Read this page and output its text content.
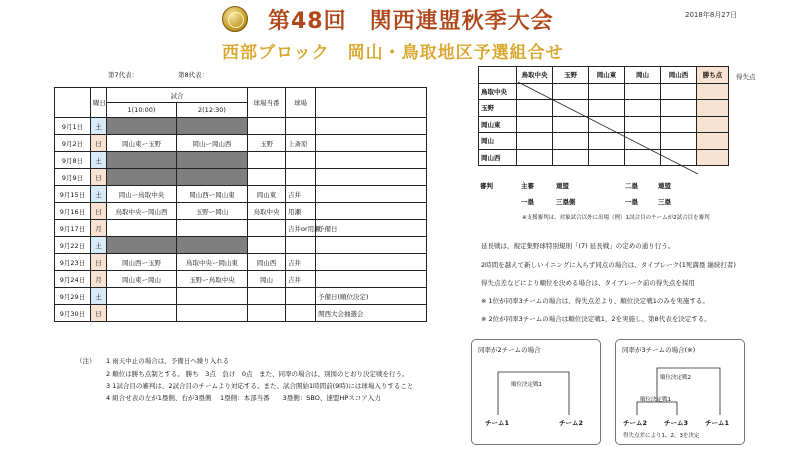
第48回　関西連盟秋季大会
西部ブロック　岡山・鳥取地区予選組合せ
2018年8月27日
第7代表：	第8代表：
	曜日	試合		球場当番	球場	
		1(10:00)	2(12:30)			
9月1日	土					
9月2日	日	岡山東ー玉野	岡山ー岡山西	玉野	上斎原	
9月8日	土					
9月9日	日					
9月15日	土	岡山ー鳥取中央	岡山西ー岡山東	岡山東	吉井	
9月16日	日	鳥取中央ー岡山西	玉野ー岡山	鳥取中央	用瀬	
9月17日	月				吉井or用瀬	予備日
9月22日	土					
9月23日	日	岡山西ー玉野	鳥取中央ー岡山東	岡山西	吉井	
9月24日	月	岡山東ー岡山	玉野ー鳥取中央	岡山	吉井	
9月29日	土					予備日(順位決定)
9月30日	日					関西大会抽選会
（注） 1 雨天中止の場合は、予備日へ繰り入れる
2 順位は勝ち点制とする。 勝ち　3点　負け　0点　また、同率の場合は、別図のとおり決定戦を行う。
3 1試合目の審判は、2試合目のチームより対応する。また、試合開始1時間前(9時)には球場入りすること
4 組合せ表の左が1塁側、右が3塁側　 1塁側：本部当番　　3塁側：SBO、速盟HPスコア入力
	鳥取中央	玉野	岡山東	岡山	岡山西	勝ち点
鳥取中央						
玉野						
岡山東						
岡山						
岡山西						
得失点
審判	主審	連盟	二塁	連盟
一塁	三塁側	一塁	三塁
※支援審判は、対象試合以外に出場（例）1試合目のチームが2試合目を審判
延長戦は，規定集野球特別規則「(7) 延長戦」の定めの通り行う。
2時間を越えて新しいイニングに入らず同点の場合は、タイブレーク(1死満塁 継続打者)
得失点差などにより順位を決める場合は、タイブレーク前の得失点を採用
※ 1位が同率3チームの場合は、得失点差より、順位決定戦1のみを実施する。
※ 2位が同率3チームの場合は順位決定戦1，2を実施し、第8代表を決定する。
同率が2チームの場合
順位決定戦1
チーム1	チーム2
同率が3チームの場合(※)
順位決定戦2
順位決定戦1
チーム2	チーム3	チーム1
得失点差により1，2，3を決定
